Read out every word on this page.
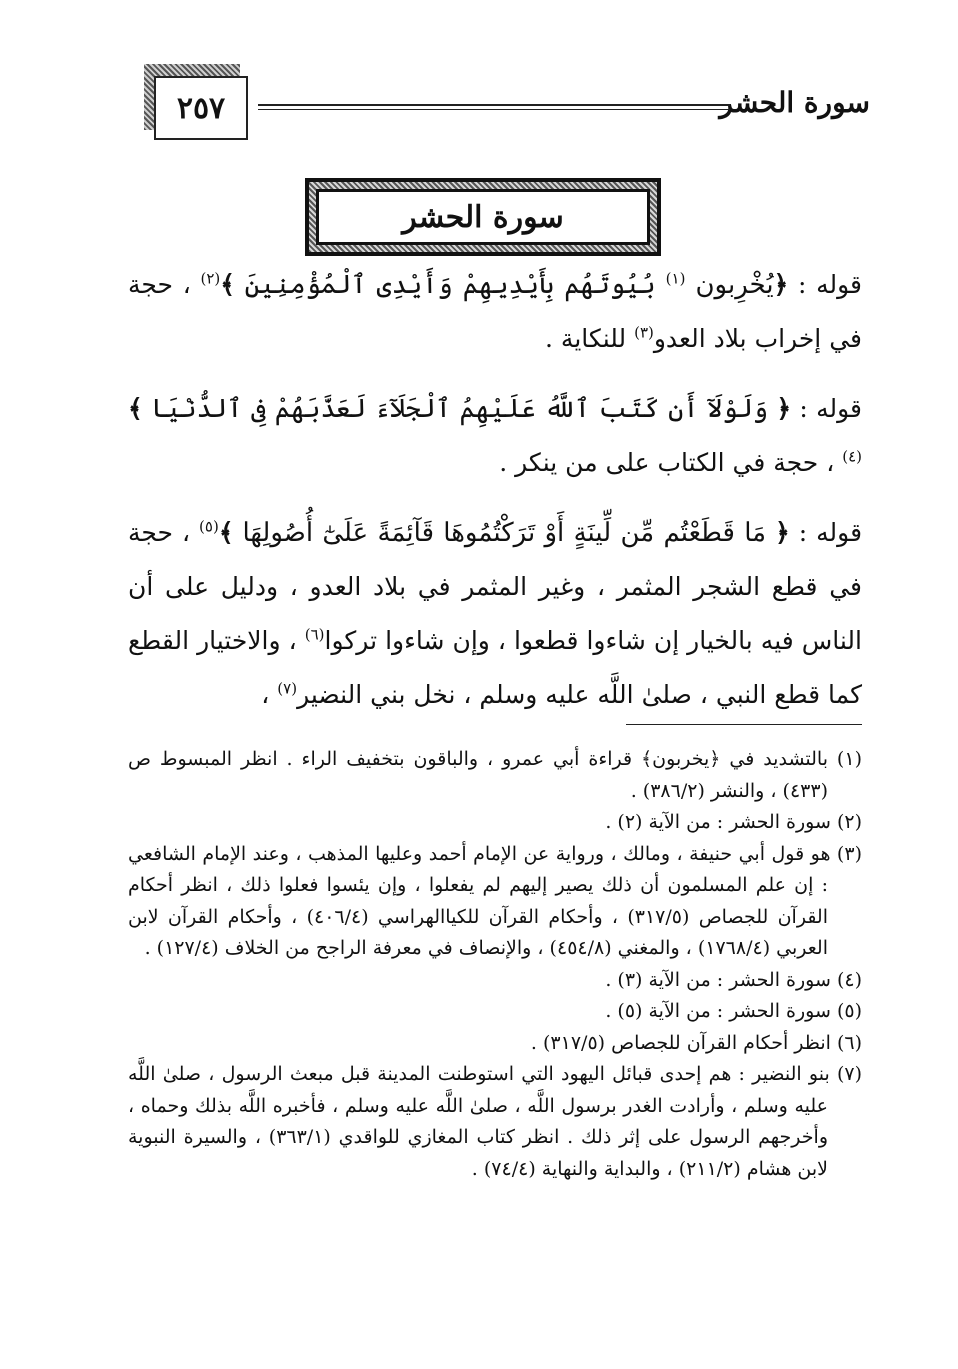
سورة الحشر
٢٥٧
سورة الحشر

قوله : ﴿يُخْرِبون $^{(١)}$ بُيُوتَهُم بِأَيْدِيهِمْ وَأَيْدِى ٱلْمُؤْمِنِينَ ﴾$^{(٢)}$ ، حجة في إخراب بلاد العدو$^{(٣)}$ للنكاية .

قوله : ﴿ وَلَوْلَآ أَن كَتَبَ ٱللَّهُ عَلَيْهِمُ ٱلْجَلَآءَ لَعَذَّبَهُمْ فِى ٱلدُّنْيَا ﴾$^{(٤)}$ ، حجة في الكتاب على من ينكر .

قوله : ﴿ مَا قَطَعْتُم مِّن لِّينَةٍ أَوْ تَرَكْتُمُوهَا قَآئِمَةً عَلَىٰٓ أُصُولِهَا ﴾$^{(٥)}$ ، حجة في قطع الشجر المثمر ، وغير المثمر في بلاد العدو ، ودليل على أن الناس فيه بالخيار إن شاءوا قطعوا ، وإن شاءوا تركوا$^{(٦)}$ ، والاختيار القطع كما قطع النبي ، صلىٰ اللَّه عليه وسلم ، نخل بني النضير$^{(٧)}$ ،

(١) بالتشديد في ﴿يخربون﴾ قراءة أبي عمرو ، والباقون بتخفيف الراء . انظر المبسوط ص (٤٣٣) ، والنشر (٣٨٦/٢) .

(٢) سورة الحشر : من الآية (٢) .

(٣) هو قول أبي حنيفة ، ومالك ، ورواية عن الإمام أحمد وعليها المذهب ، وعند الإمام الشافعي : إن علم المسلمون أن ذلك يصير إليهم لم يفعلوا ، وإن يئسوا فعلوا ذلك ، انظر أحكام القرآن للجصاص (٣١٧/٥) ، وأحكام القرآن للكياالهراسي (٤٠٦/٤) ، وأحكام القرآن لابن العربي (١٧٦٨/٤) ، والمغني (٤٥٤/٨) ، والإنصاف في معرفة الراجح من الخلاف (١٢٧/٤) .

(٤) سورة الحشر : من الآية (٣) .

(٥) سورة الحشر : من الآية (٥) .

(٦) انظر أحكام القرآن للجصاص (٣١٧/٥) .

(٧) بنو النضير : هم إحدى قبائل اليهود التي استوطنت المدينة قبل مبعث الرسول ، صلىٰ اللَّه عليه وسلم ، وأرادت الغدر برسول اللَّه ، صلىٰ اللَّه عليه وسلم ، فأخبره اللَّه بذلك وحماه ، وأخرجهم الرسول على إثر ذلك . انظر كتاب المغازي للواقدي (٣٦٣/١) ، والسيرة النبوية لابن هشام (٢١١/٢) ، والبداية والنهاية (٧٤/٤) .
